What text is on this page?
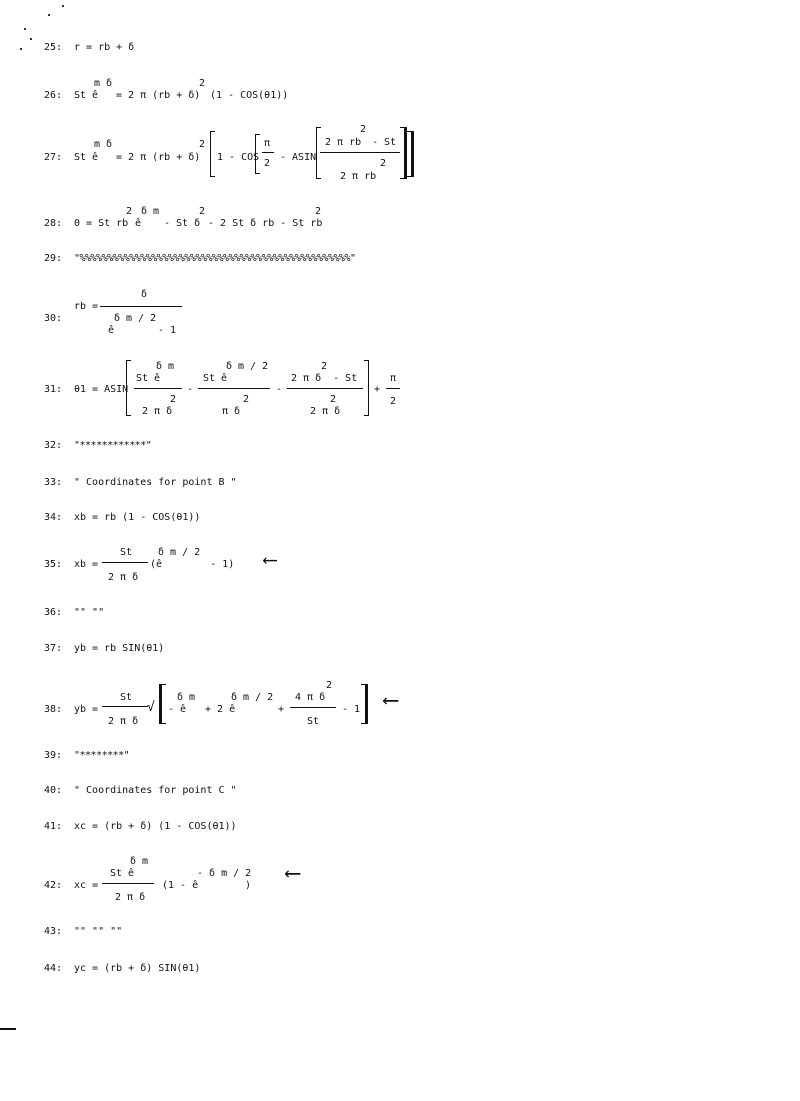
25: r = rb + δ
26: St ê
m δ
= 2 π (rb + δ)
2
(1 - COS(θ1))
27: St ê
m δ
= 2 π (rb + δ)
2
1 - COS
π
2
- ASIN
2 π rb
2
- St
2 π rb
2
28: 0 = St rb
2
ê
δ m
- St δ
2
- 2 St δ rb - St rb
2
29: "%%%%%%%%%%%%%%%%%%%%%%%%%%%%%%%%%%%%%%%%%%%%%%%%%"
30:
rb =
δ
δ m / 2
ê	- 1
31: θ1 = ASIN
δ m
St ê
2 π δ
2
-
δ m / 2
St ê
π δ
2
-
2
2 π δ  - St
2 π δ
2
+
π
2
32: "************"
33: " Coordinates for point B "
34: xb = rb (1 - COS(θ1))
35: xb =
St
2 π δ
δ m / 2
(ê        - 1) ⟵
36: "" ""
37: yb = rb SIN(θ1)
38: yb =
St
2 π δ
√
δ m
- ê
δ m / 2
+ 2 ê
2
4 π δ
+
St
- 1 ⟵
39: "********"
40: " Coordinates for point C "
41: xc = (rb + δ) (1 - COS(θ1))
42: xc =
δ m
St ê
2 π δ
(1 - ê
- δ m / 2
) ⟵
43: "" "" ""
44: yc = (rb + δ) SIN(θ1)
